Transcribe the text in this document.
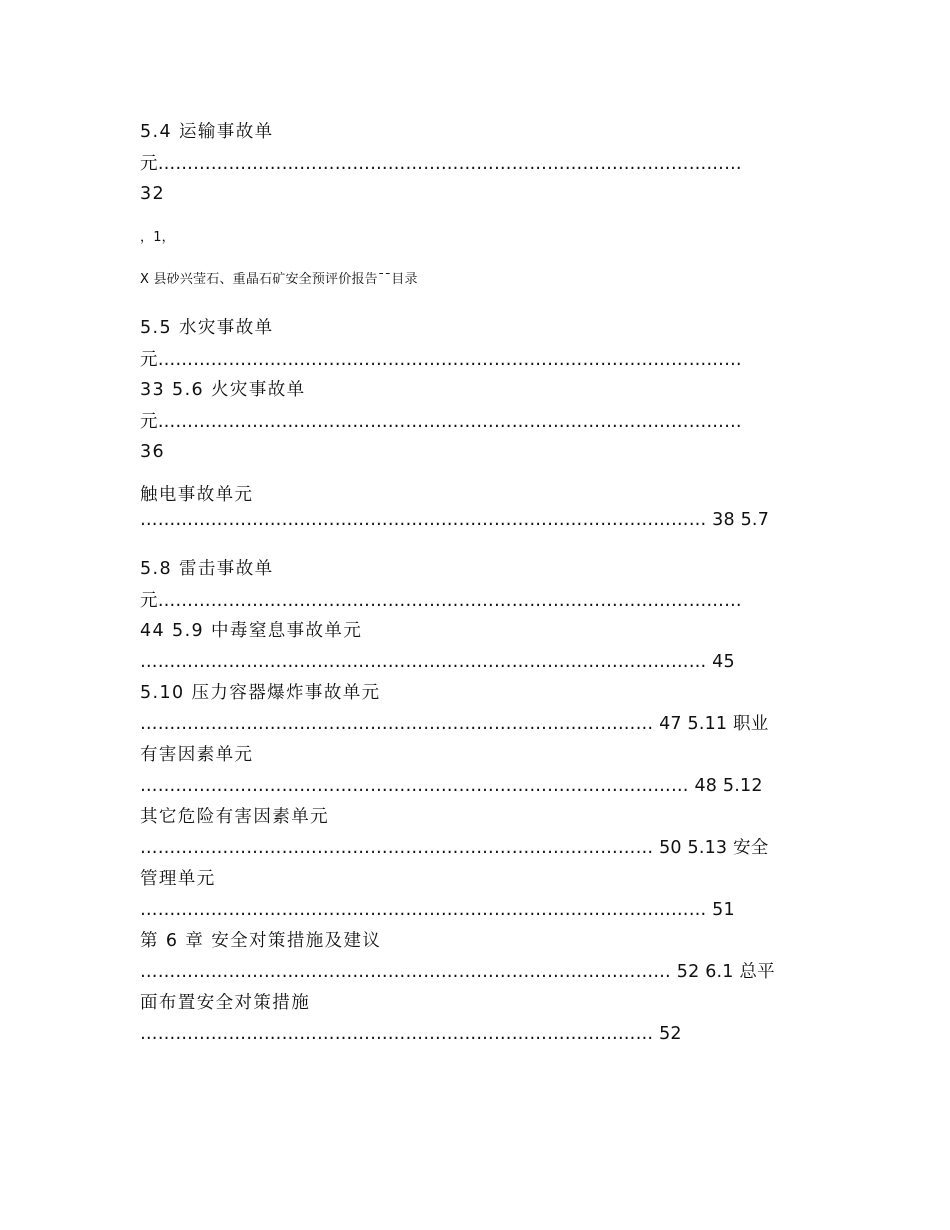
5.4 运输事故单
元………………………………………………………………………………………
32
，1，
X 县砂兴莹石、重晶石矿安全预评价报告¯¯目录
5.5 水灾事故单
元………………………………………………………………………………………
33 5.6 火灾事故单
元………………………………………………………………………………………
36
触电事故单元
…………………………………………………………………………………… 38 5.7
5.8 雷击事故单
元………………………………………………………………………………………
44 5.9 中毒窒息事故单元
…………………………………………………………………………………… 45
5.10 压力容器爆炸事故单元
…………………………………………………………………………… 47 5.11 职业
有害因素单元
………………………………………………………………………………… 48 5.12
其它危险有害因素单元
…………………………………………………………………………… 50 5.13 安全
管理单元
…………………………………………………………………………………… 51
第 6 章 安全对策措施及建议
……………………………………………………………………………… 52 6.1 总平
面布置安全对策措施
…………………………………………………………………………… 52
